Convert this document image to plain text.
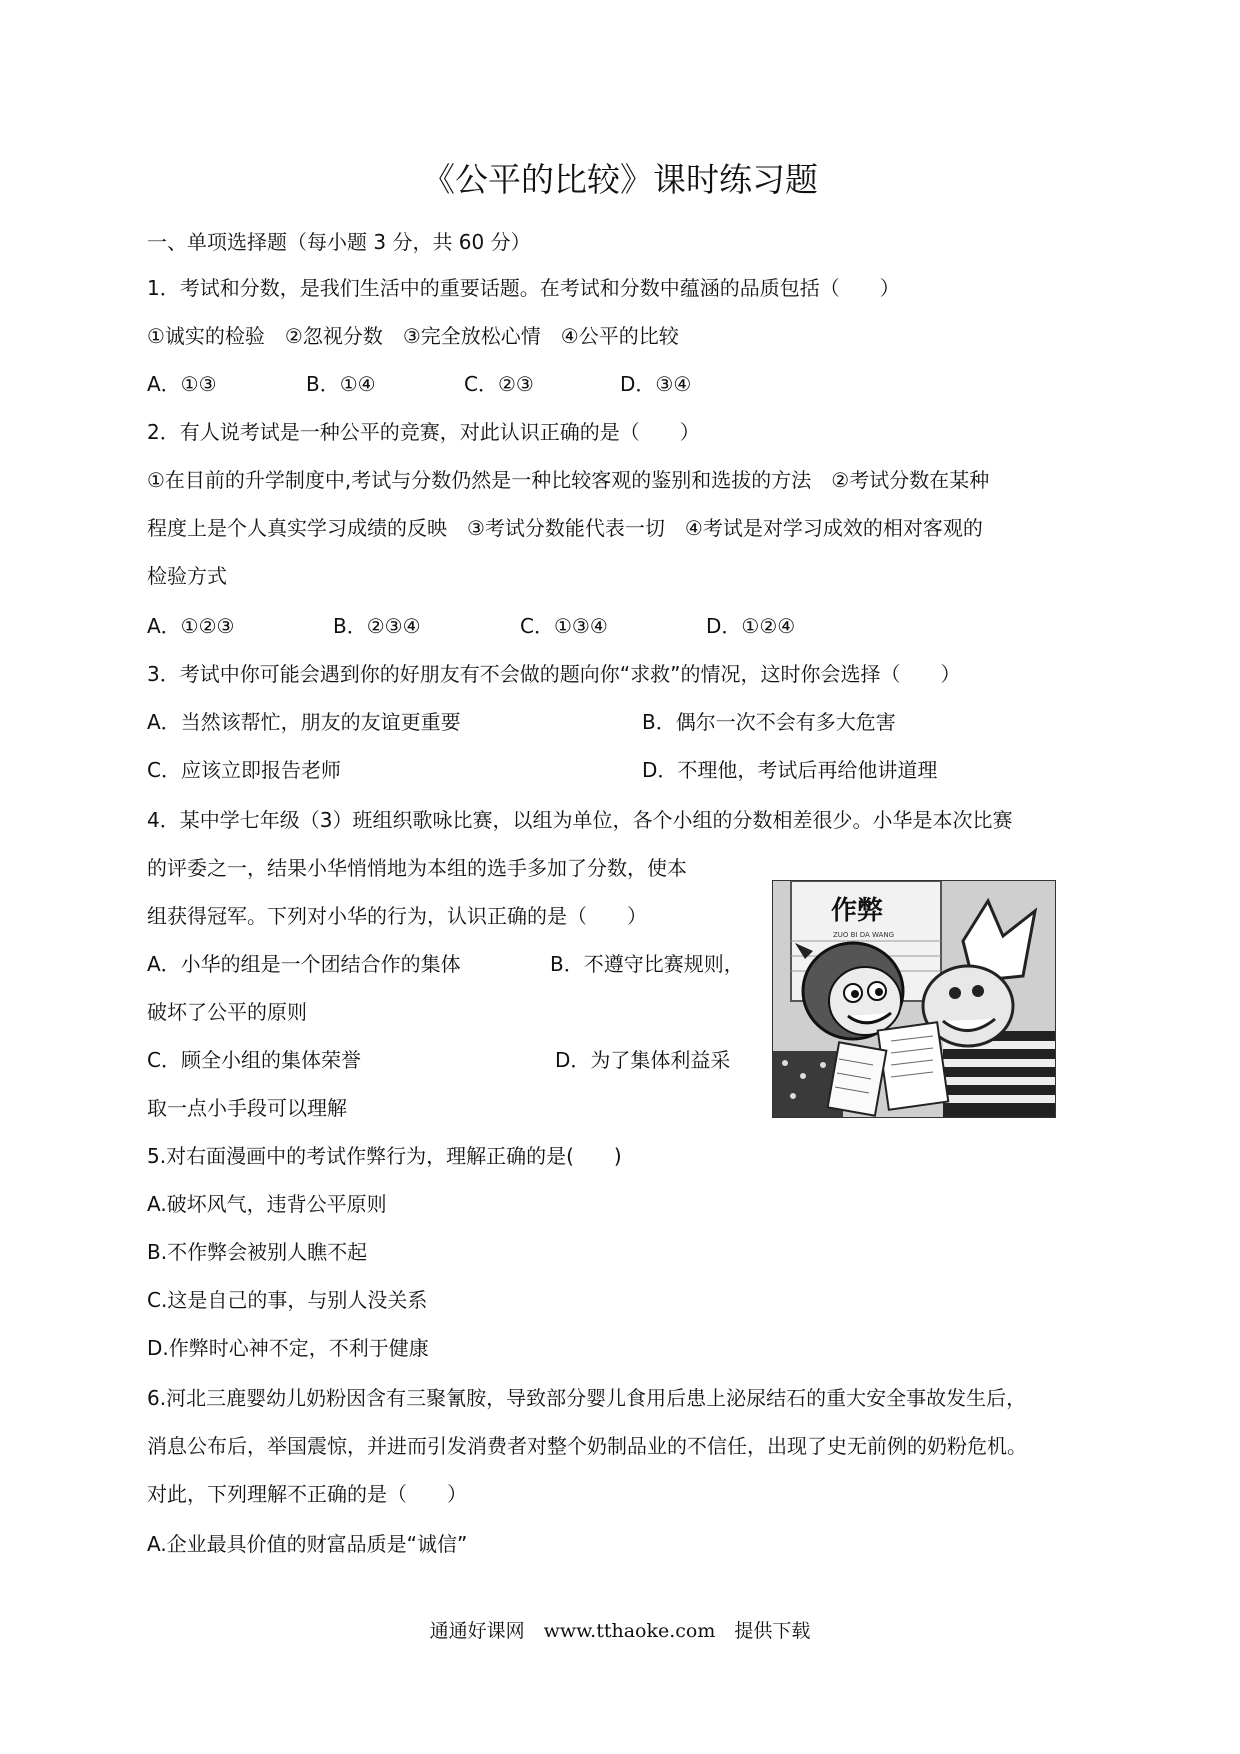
《公平的比较》课时练习题
一、单项选择题（每小题 3 分，共 60 分）
1．考试和分数，是我们生活中的重要话题。在考试和分数中蕴涵的品质包括（　　）
①诚实的检验　②忽视分数　③完全放松心情　④公平的比较
A．①③	B．①④	C．②③	D．③④
2．有人说考试是一种公平的竞赛，对此认识正确的是（　　）
①在目前的升学制度中,考试与分数仍然是一种比较客观的鉴别和选拔的方法　②考试分数在某种
程度上是个人真实学习成绩的反映　③考试分数能代表一切　④考试是对学习成效的相对客观的
检验方式
A．①②③	B．②③④	C．①③④	D．①②④
3．考试中你可能会遇到你的好朋友有不会做的题向你“求救”的情况，这时你会选择（　　）
A．当然该帮忙，朋友的友谊更重要	B．偶尔一次不会有多大危害
C．应该立即报告老师	D．不理他，考试后再给他讲道理
4．某中学七年级（3）班组织歌咏比赛，以组为单位，各个小组的分数相差很少。小华是本次比赛
的评委之一，结果小华悄悄地为本组的选手多加了分数，使本
组获得冠军。下列对小华的行为，认识正确的是（　　）
A．小华的组是一个团结合作的集体	B．不遵守比赛规则，
破坏了公平的原则
C．顾全小组的集体荣誉	D．为了集体利益采
取一点小手段可以理解
作弊
ZUO BI DA WANG
5.对右面漫画中的考试作弊行为，理解正确的是(　　)
A.破坏风气，违背公平原则
B.不作弊会被别人瞧不起
C.这是自己的事，与别人没关系
D.作弊时心神不定，不利于健康
6.河北三鹿婴幼儿奶粉因含有三聚氰胺，导致部分婴儿食用后患上泌尿结石的重大安全事故发生后，
消息公布后，举国震惊，并进而引发消费者对整个奶制品业的不信任，出现了史无前例的奶粉危机。
对此，下列理解不正确的是（　　）
A.企业最具价值的财富品质是“诚信”
通通好课网　www.tthaoke.com　提供下载
